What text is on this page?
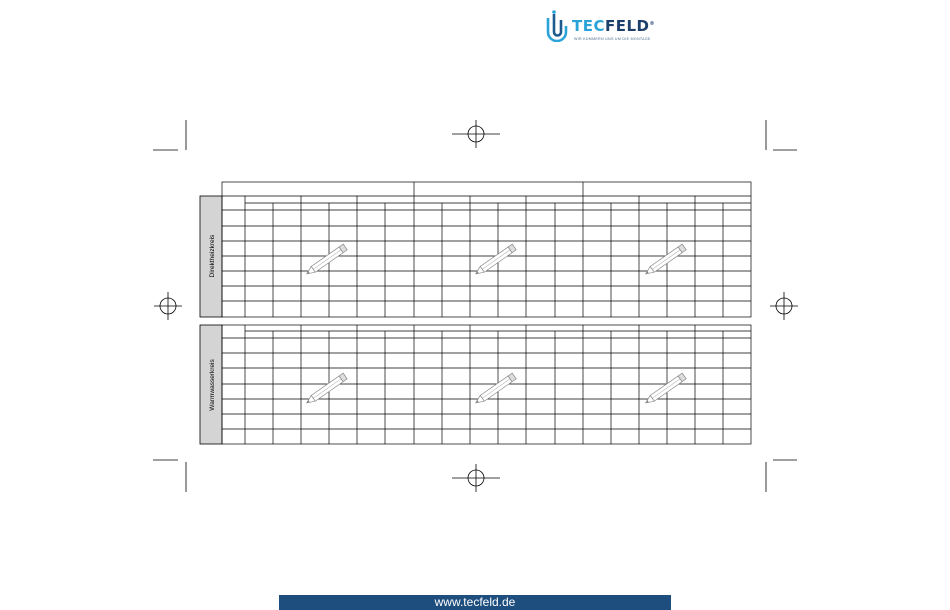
TECFELD®
WIR KÜMMERN UNS UM DIE MONTAGE
Direktheizkreis
Warmwasserkreis
www.tecfeld.de
